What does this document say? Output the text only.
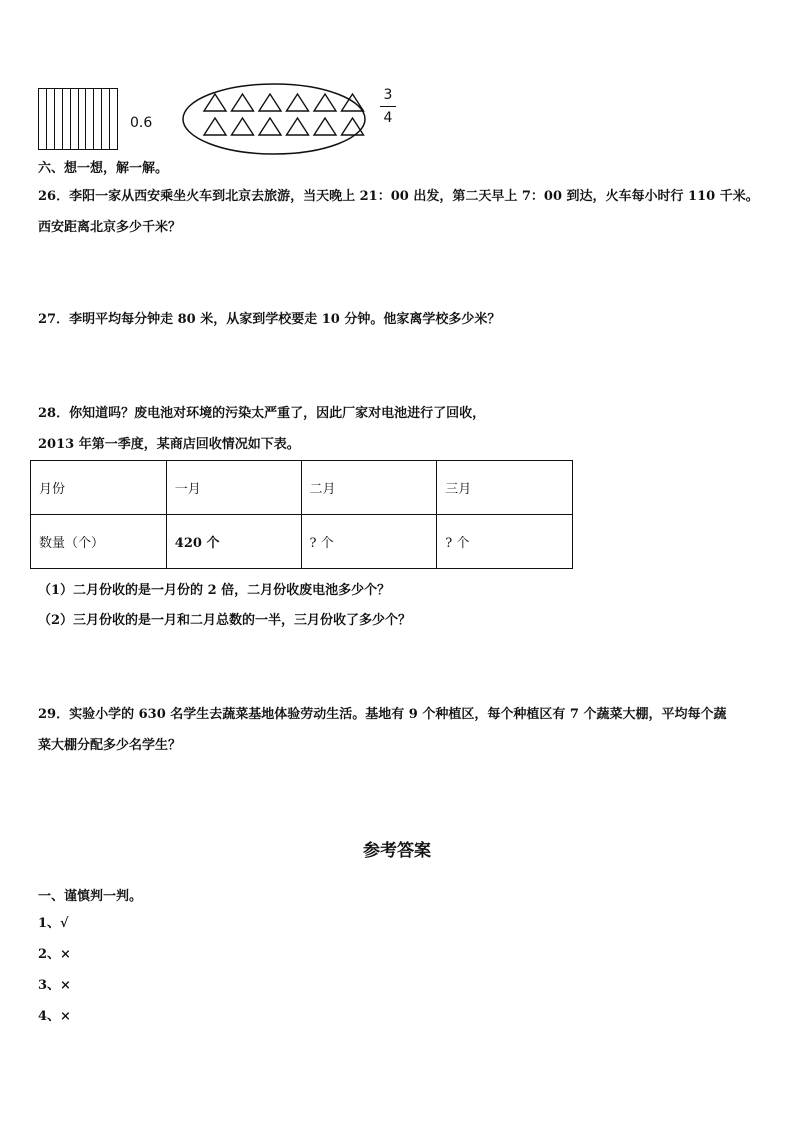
0.6
3
4
六、想一想，解一解。
26．李阳一家从西安乘坐火车到北京去旅游，当天晚上 21：00 出发，第二天早上 7：00 到达，火车每小时行 110 千米。
西安距离北京多少千米？
27．李明平均每分钟走 80 米，从家到学校要走 10 分钟。他家离学校多少米？
28．你知道吗？废电池对环境的污染太严重了，因此厂家对电池进行了回收，
2013 年第一季度，某商店回收情况如下表。
月份	一月	二月	三月
数量（个）	420 个	? 个	? 个
（1）二月份收的是一月份的 2 倍，二月份收废电池多少个？
（2）三月份收的是一月和二月总数的一半，三月份收了多少个？
29．实验小学的 630 名学生去蔬菜基地体验劳动生活。基地有 9 个种植区，每个种植区有 7 个蔬菜大棚，平均每个蔬
菜大棚分配多少名学生？
参考答案
一、谨慎判一判。
1、√
2、×
3、×
4、×
